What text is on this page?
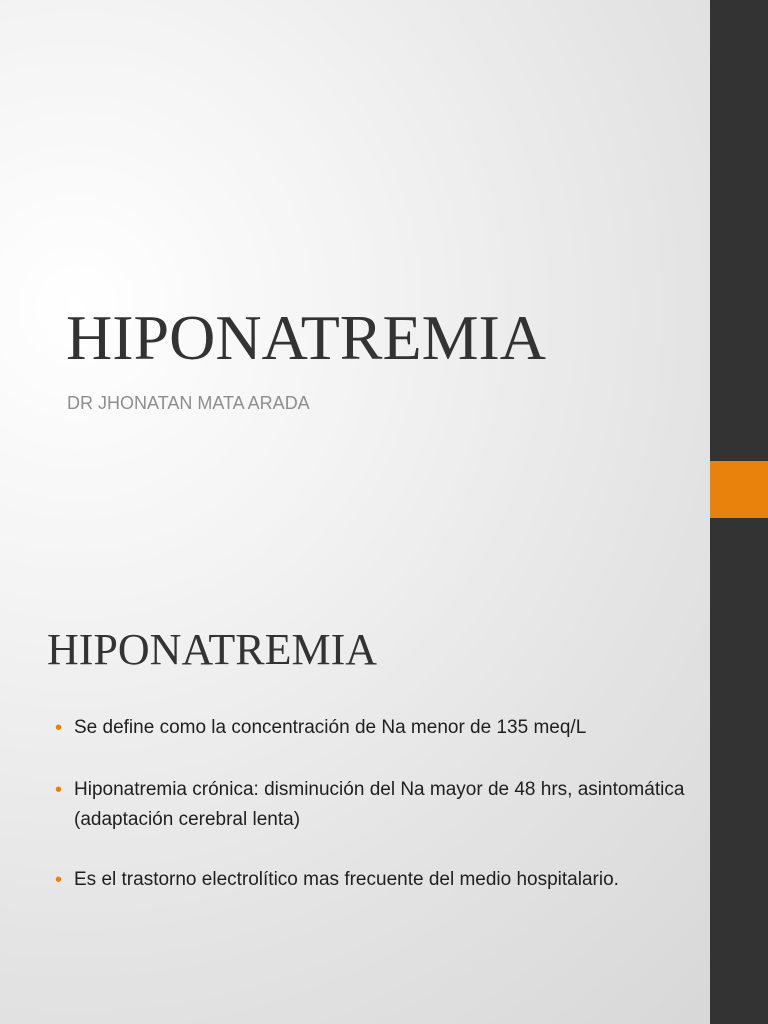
HIPONATREMIA

DR JHONATAN MATA ARADA

HIPONATREMIA
• Se define como la concentración de Na menor de 135 meq/L
• Hiponatremia crónica: disminución del Na mayor de 48 hrs, asintomática (adaptación cerebral lenta)
• Es el trastorno electrolítico mas frecuente del medio hospitalario.
